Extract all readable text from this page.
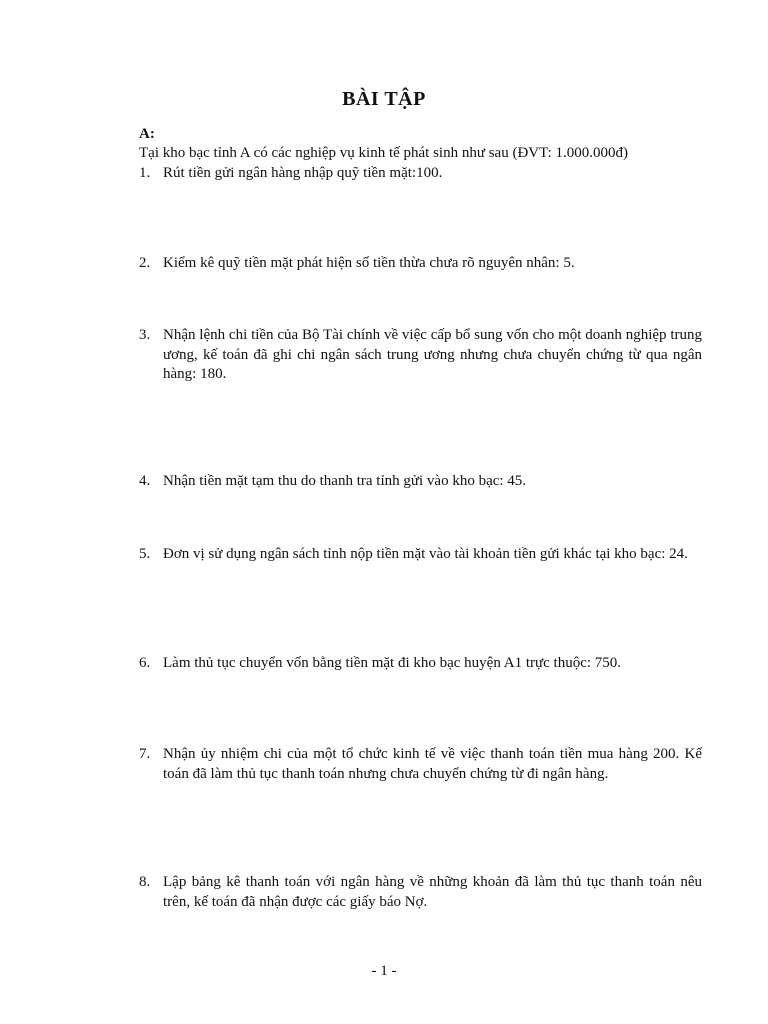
BÀI TẬP
A:
Tại kho bạc tỉnh A có các nghiệp vụ kinh tế phát sinh như sau (ĐVT: 1.000.000đ)
1. Rút tiền gửi ngân hàng nhập quỹ tiền mặt:100.
2. Kiểm kê quỹ tiền mặt phát hiện số tiền thừa chưa rõ nguyên nhân: 5.
3. Nhận lệnh chi tiền của Bộ Tài chính về việc cấp bổ sung vốn cho một doanh nghiệp trung ương, kế toán đã ghi chi ngân sách trung ương nhưng chưa chuyển chứng từ qua ngân hàng: 180.
4. Nhận tiền mặt tạm thu do thanh tra tỉnh gửi vào kho bạc: 45.
5. Đơn vị sử dụng ngân sách tỉnh nộp tiền mặt vào tài khoản tiền gửi khác tại kho bạc: 24.
6. Làm thủ tục chuyển vốn bằng tiền mặt đi kho bạc huyện A1 trực thuộc: 750.
7. Nhận ủy nhiệm chi của một tổ chức kinh tế về việc thanh toán tiền mua hàng 200. Kế toán đã làm thủ tục thanh toán nhưng chưa chuyển chứng từ đi ngân hàng.
8. Lập bảng kê thanh toán với ngân hàng về những khoản đã làm thủ tục thanh toán nêu trên, kế toán đã nhận được các giấy báo Nợ.
- 1 -
